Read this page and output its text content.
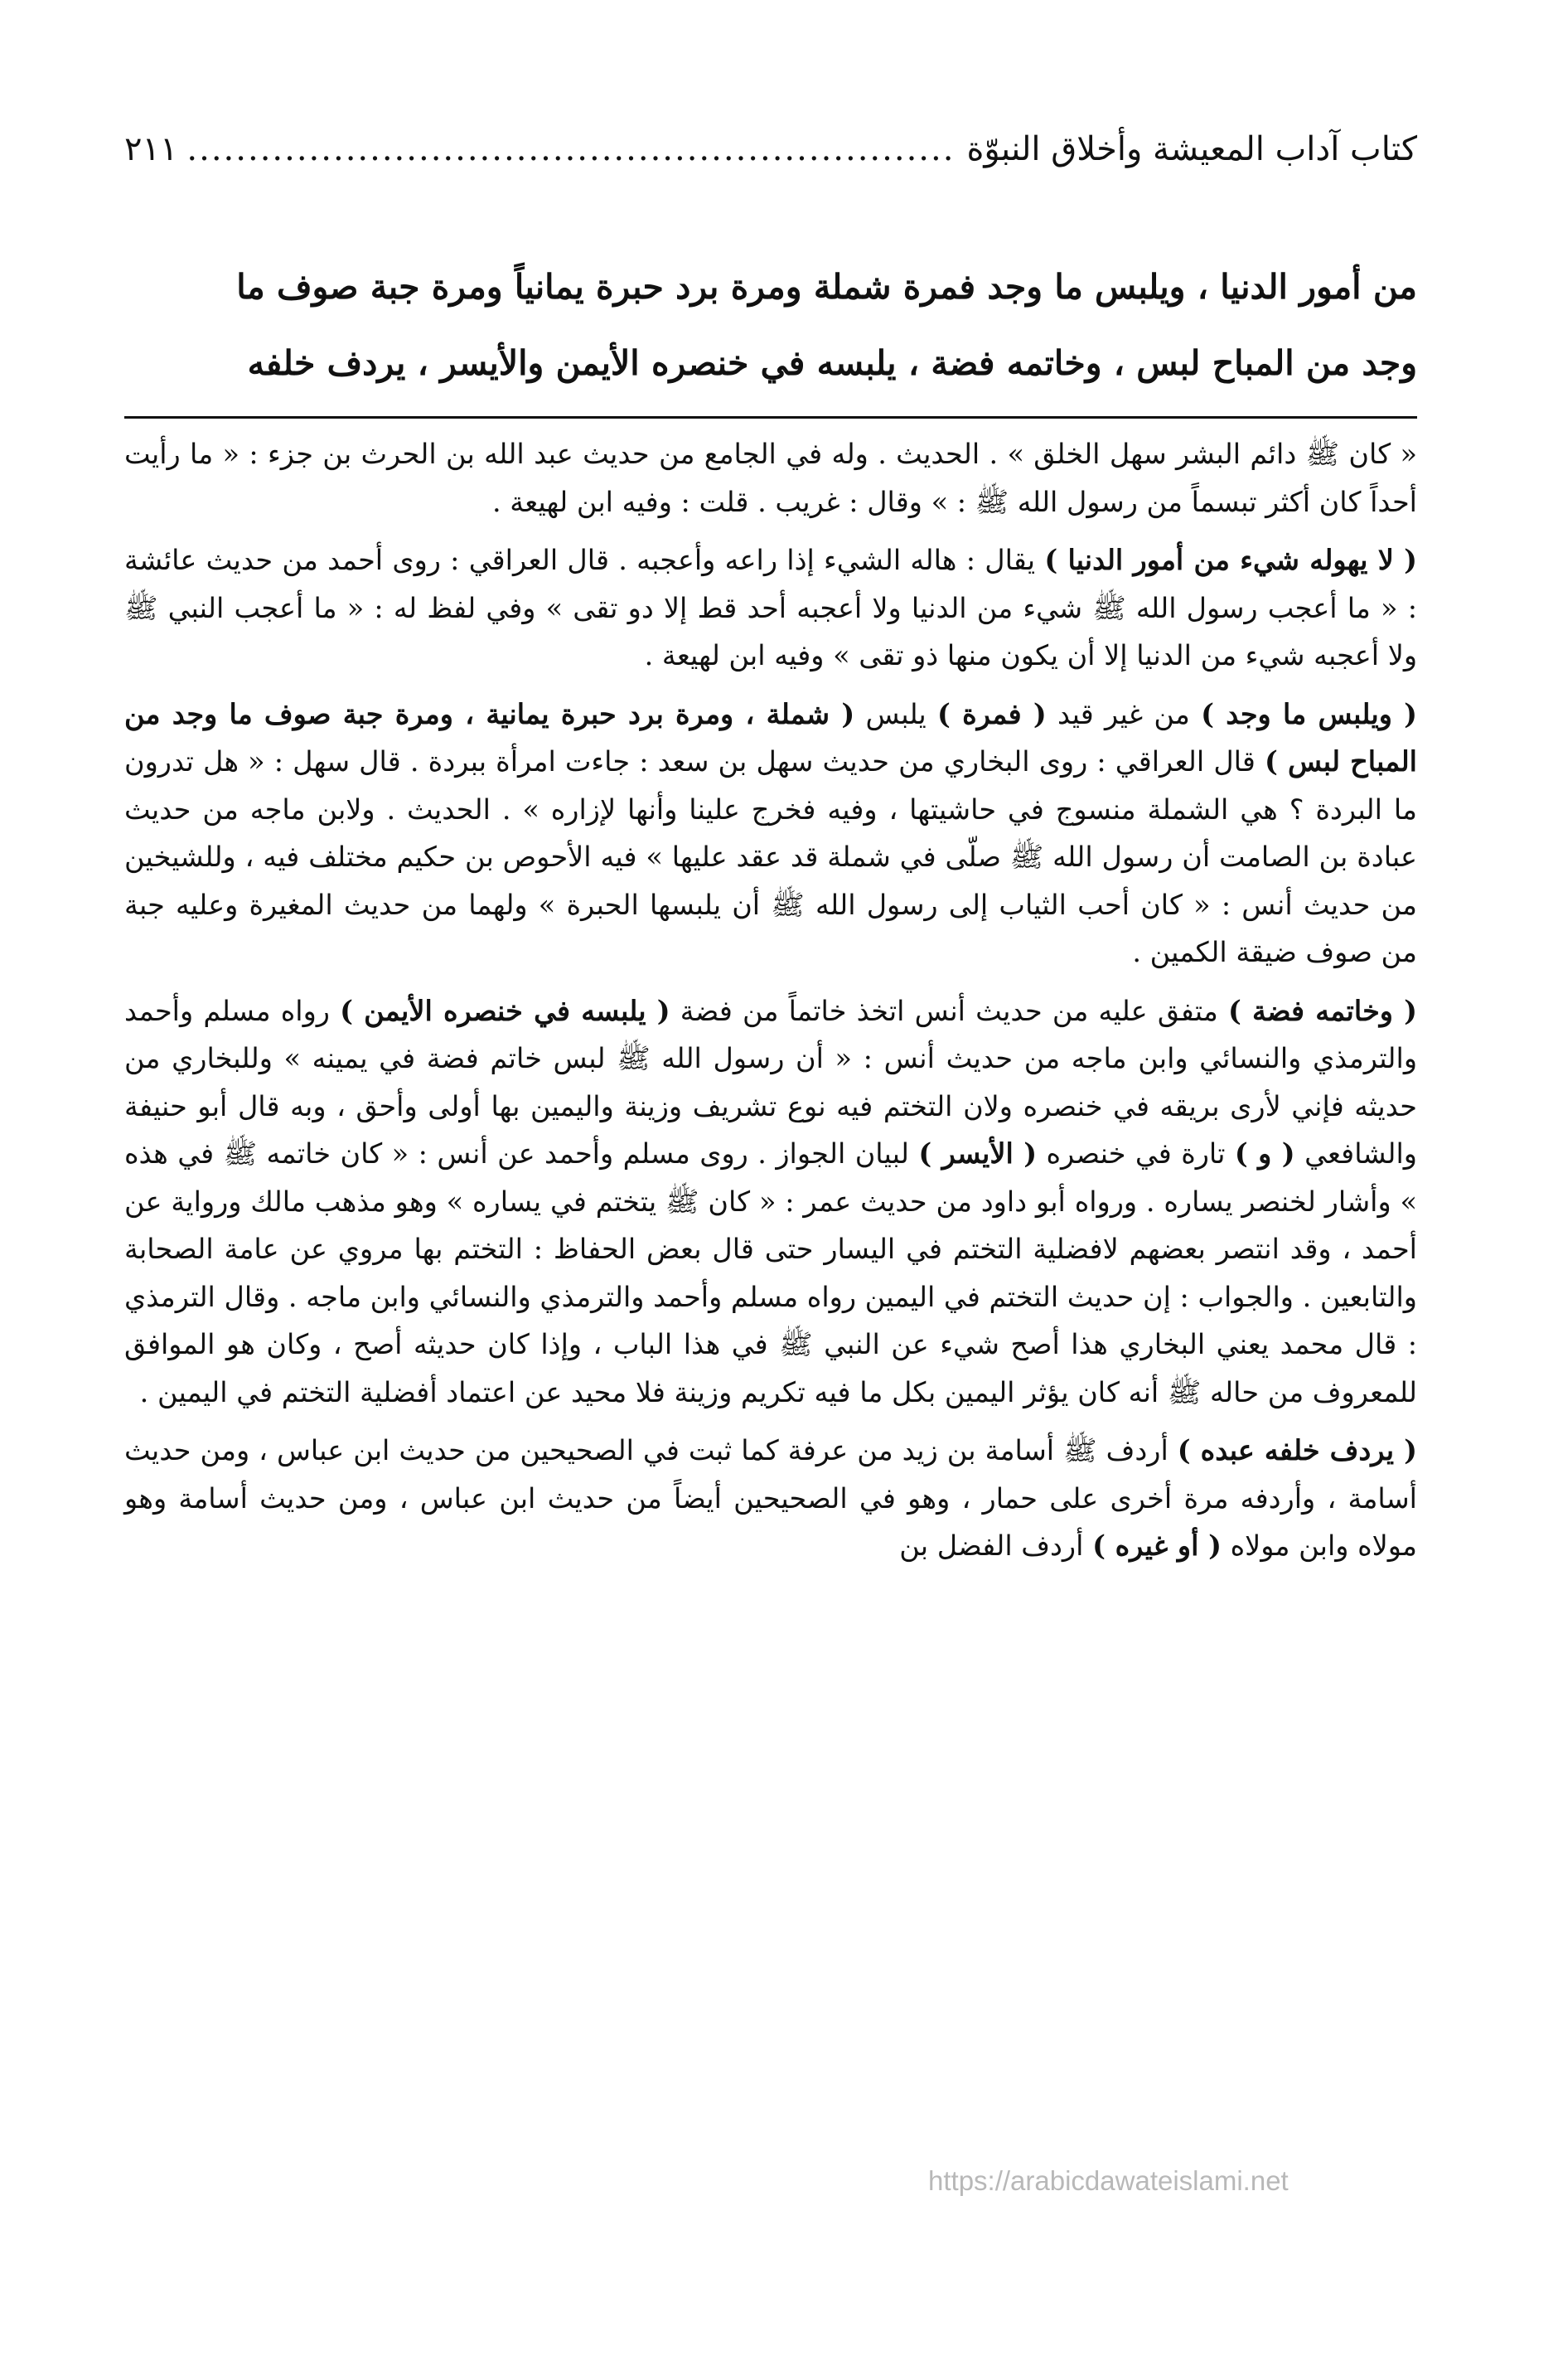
كتاب آداب المعيشة وأخلاق النبوّة
.....
٢١١

من أمور الدنيا ، ويلبس ما وجد فمرة شملة ومرة برد حبرة يمانياً ومرة جبة صوف ما

وجد من المباح لبس ، وخاتمه فضة ، يلبسه في خنصره الأيمن والأيسر ، يردف خلفه

« كان ﷺ دائم البشر سهل الخلق » . الحديث . وله في الجامع من حديث عبد الله بن الحرث بن جزء : « ما رأيت أحداً كان أكثر تبسماً من رسول الله ﷺ : » وقال : غريب . قلت : وفيه ابن لهيعة .

( لا يهوله شيء من أمور الدنيا ) يقال : هاله الشيء إذا راعه وأعجبه . قال العراقي : روى أحمد من حديث عائشة : « ما أعجب رسول الله ﷺ شيء من الدنيا ولا أعجبه أحد قط إلا دو تقى » وفي لفظ له : « ما أعجب النبي ﷺ ولا أعجبه شيء من الدنيا إلا أن يكون منها ذو تقى » وفيه ابن لهيعة .

( ويلبس ما وجد ) من غير قيد ( فمرة ) يلبس ( شملة ، ومرة برد حبرة يمانية ، ومرة جبة صوف ما وجد من المباح لبس ) قال العراقي : روى البخاري من حديث سهل بن سعد : جاءت امرأة ببردة . قال سهل : « هل تدرون ما البردة ؟ هي الشملة منسوج في حاشيتها ، وفيه فخرج علينا وأنها لإزاره » . الحديث . ولابن ماجه من حديث عبادة بن الصامت أن رسول الله ﷺ صلّى في شملة قد عقد عليها » فيه الأحوص بن حكيم مختلف فيه ، وللشيخين من حديث أنس : « كان أحب الثياب إلى رسول الله ﷺ أن يلبسها الحبرة » ولهما من حديث المغيرة وعليه جبة من صوف ضيقة الكمين .

( وخاتمه فضة ) متفق عليه من حديث أنس اتخذ خاتماً من فضة ( يلبسه في خنصره الأيمن ) رواه مسلم وأحمد والترمذي والنسائي وابن ماجه من حديث أنس : « أن رسول الله ﷺ لبس خاتم فضة في يمينه » وللبخاري من حديثه فإني لأرى بريقه في خنصره ولان التختم فيه نوع تشريف وزينة واليمين بها أولى وأحق ، وبه قال أبو حنيفة والشافعي ( و ) تارة في خنصره ( الأيسر ) لبيان الجواز . روى مسلم وأحمد عن أنس : « كان خاتمه ﷺ في هذه » وأشار لخنصر يساره . ورواه أبو داود من حديث عمر : « كان ﷺ يتختم في يساره » وهو مذهب مالك ورواية عن أحمد ، وقد انتصر بعضهم لافضلية التختم في اليسار حتى قال بعض الحفاظ : التختم بها مروي عن عامة الصحابة والتابعين . والجواب : إن حديث التختم في اليمين رواه مسلم وأحمد والترمذي والنسائي وابن ماجه . وقال الترمذي : قال محمد يعني البخاري هذا أصح شيء عن النبي ﷺ في هذا الباب ، وإذا كان حديثه أصح ، وكان هو الموافق للمعروف من حاله ﷺ أنه كان يؤثر اليمين بكل ما فيه تكريم وزينة فلا محيد عن اعتماد أفضلية التختم في اليمين .

( يردف خلفه عبده ) أردف ﷺ أسامة بن زيد من عرفة كما ثبت في الصحيحين من حديث ابن عباس ، ومن حديث أسامة ، وأردفه مرة أخرى على حمار ، وهو في الصحيحين أيضاً من حديث ابن عباس ، ومن حديث أسامة وهو مولاه وابن مولاه ( أو غيره ) أردف الفضل بن

https://arabicdawateislami.net
